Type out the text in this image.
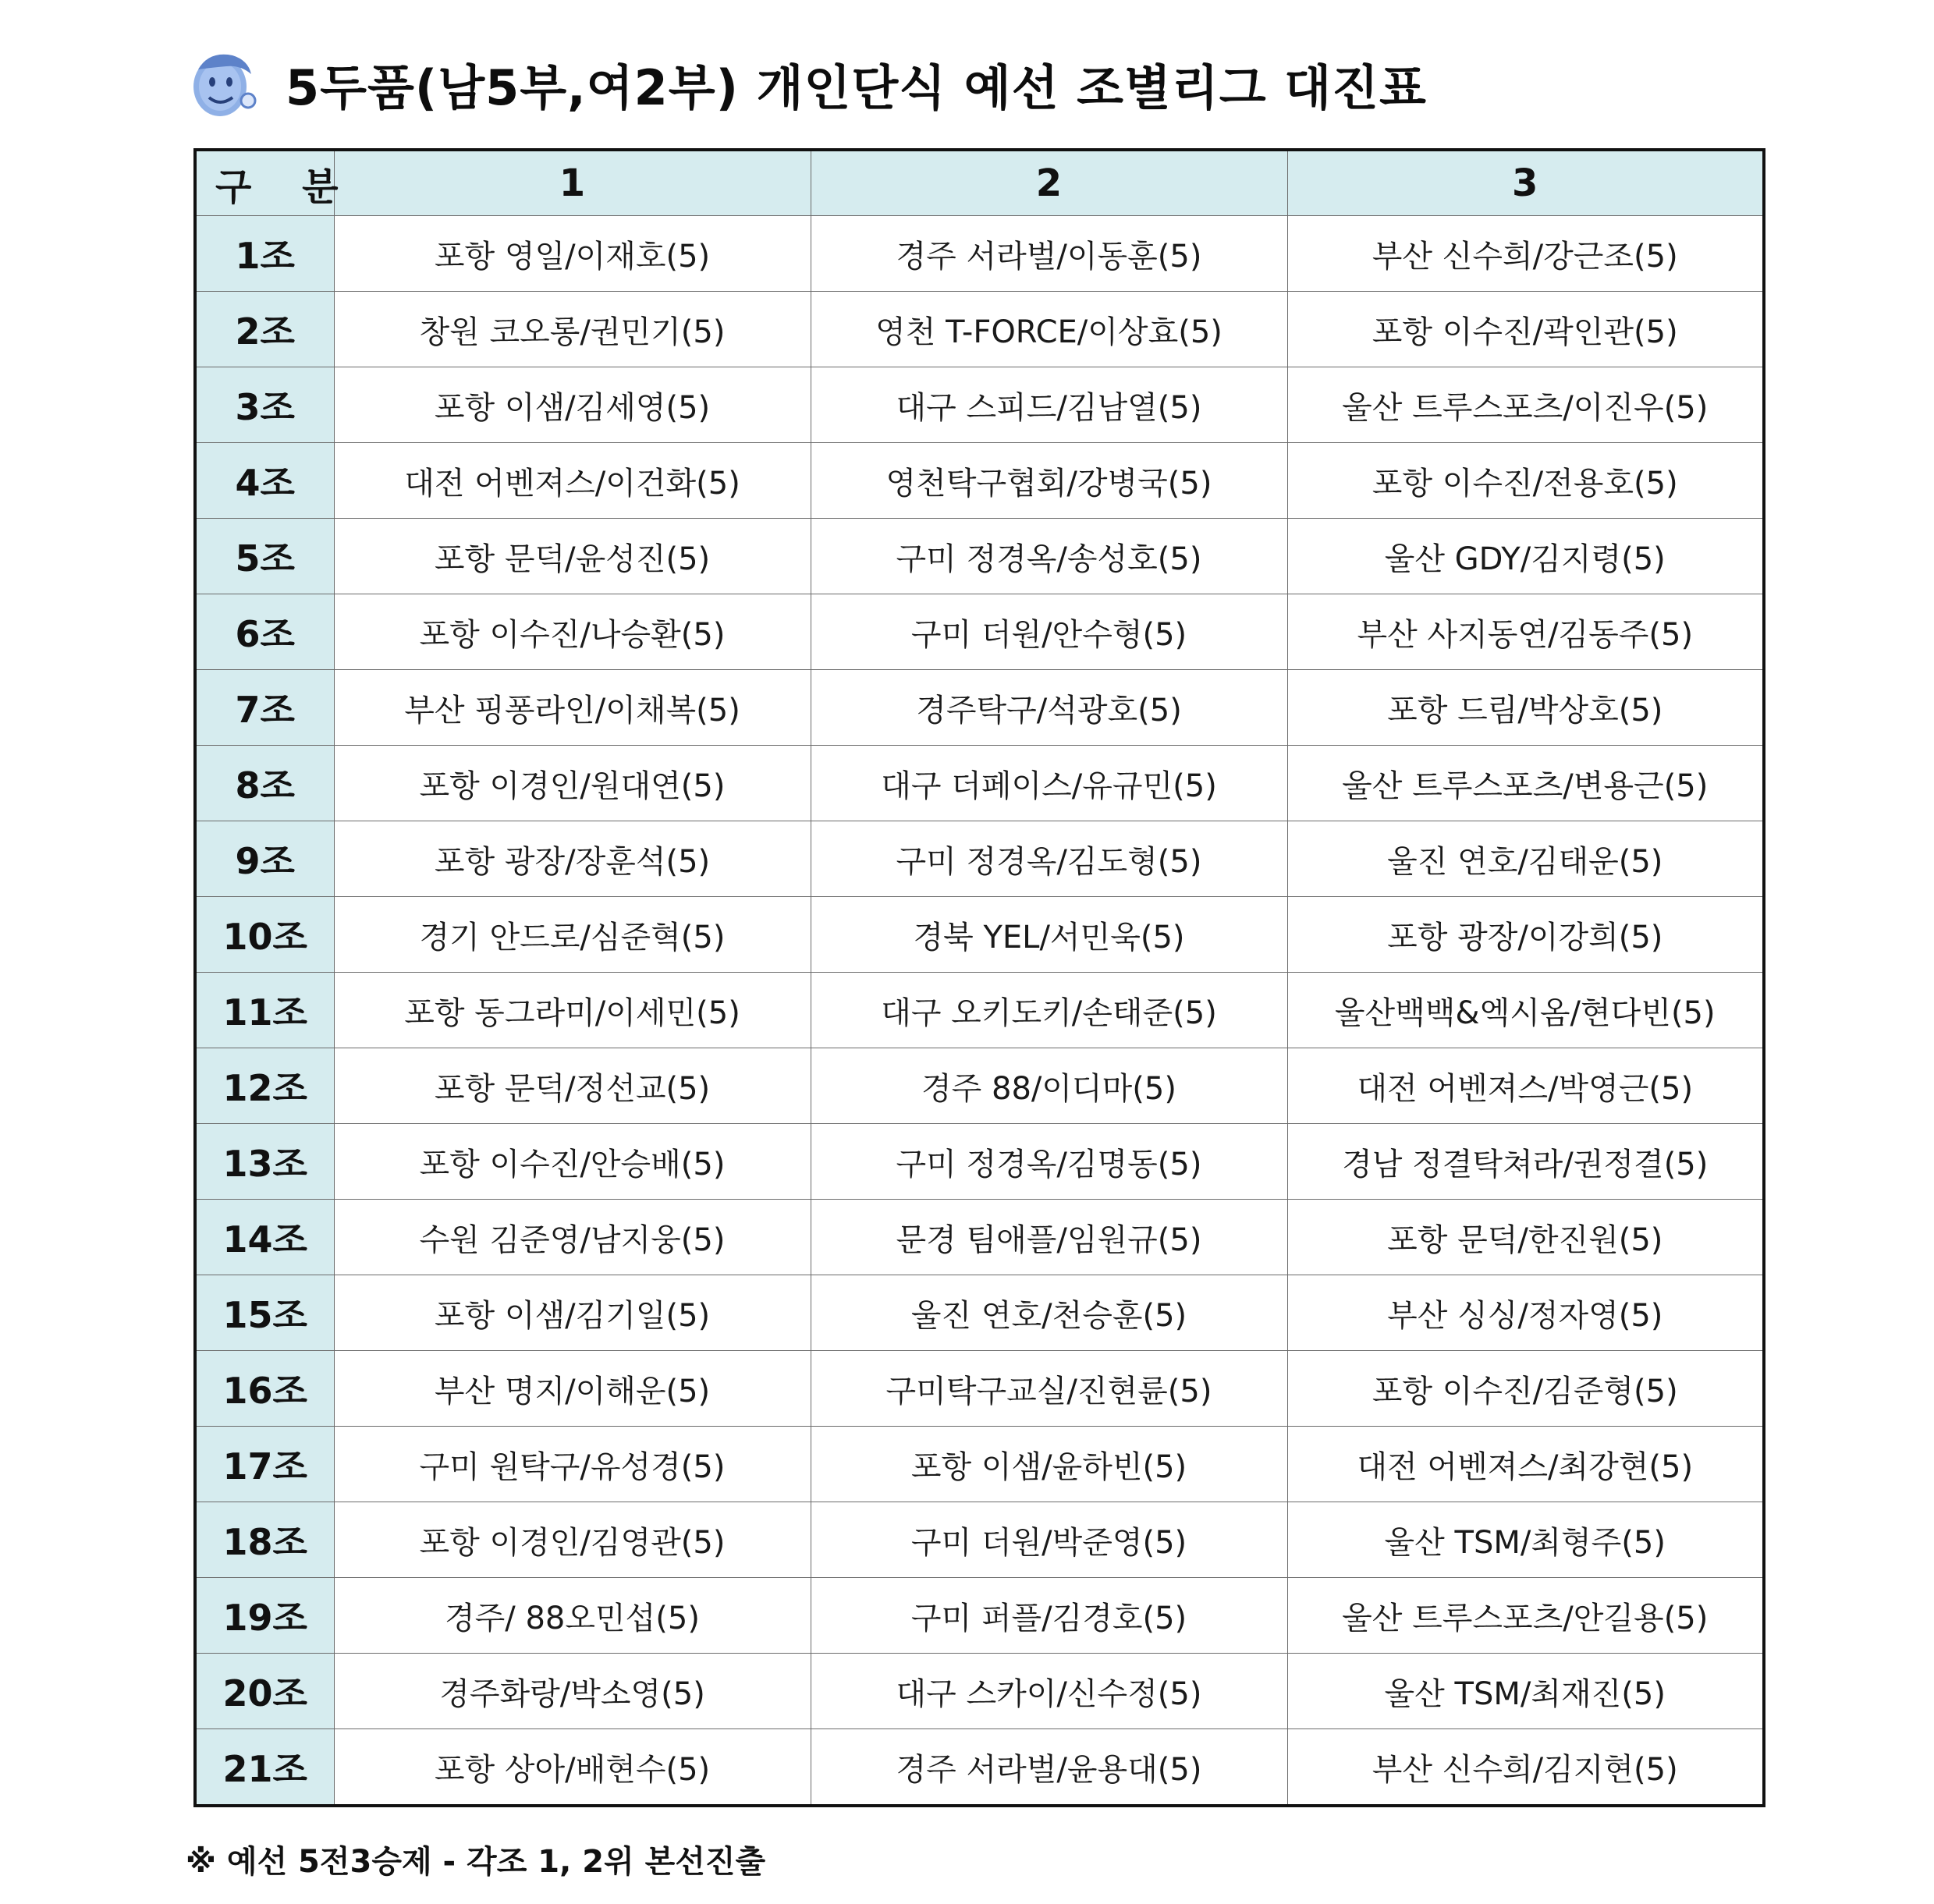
5두품(남5부,여2부) 개인단식 예선 조별리그 대진표
구 분	1	2	3
1조	포항 영일/이재호(5)	경주 서라벌/이동훈(5)	부산 신수희/강근조(5)
2조	창원 코오롱/권민기(5)	영천 T-FORCE/이상효(5)	포항 이수진/곽인관(5)
3조	포항 이샘/김세영(5)	대구 스피드/김남열(5)	울산 트루스포츠/이진우(5)
4조	대전 어벤져스/이건화(5)	영천탁구협회/강병국(5)	포항 이수진/전용호(5)
5조	포항 문덕/윤성진(5)	구미 정경옥/송성호(5)	울산 GDY/김지령(5)
6조	포항 이수진/나승환(5)	구미 더원/안수형(5)	부산 사지동연/김동주(5)
7조	부산 핑퐁라인/이채복(5)	경주탁구/석광호(5)	포항 드림/박상호(5)
8조	포항 이경인/원대연(5)	대구 더페이스/유규민(5)	울산 트루스포츠/변용근(5)
9조	포항 광장/장훈석(5)	구미 정경옥/김도형(5)	울진 연호/김태운(5)
10조	경기 안드로/심준혁(5)	경북 YEL/서민욱(5)	포항 광장/이강희(5)
11조	포항 동그라미/이세민(5)	대구 오키도키/손태준(5)	울산백백&엑시옴/현다빈(5)
12조	포항 문덕/정선교(5)	경주 88/이디마(5)	대전 어벤져스/박영근(5)
13조	포항 이수진/안승배(5)	구미 정경옥/김명동(5)	경남 정결탁쳐라/권정결(5)
14조	수원 김준영/남지웅(5)	문경 팀애플/임원규(5)	포항 문덕/한진원(5)
15조	포항 이샘/김기일(5)	울진 연호/천승훈(5)	부산 싱싱/정자영(5)
16조	부산 명지/이해운(5)	구미탁구교실/진현륜(5)	포항 이수진/김준형(5)
17조	구미 원탁구/유성경(5)	포항 이샘/윤하빈(5)	대전 어벤져스/최강현(5)
18조	포항 이경인/김영관(5)	구미 더원/박준영(5)	울산 TSM/최형주(5)
19조	경주/ 88오민섭(5)	구미 퍼플/김경호(5)	울산 트루스포츠/안길용(5)
20조	경주화랑/박소영(5)	대구 스카이/신수정(5)	울산 TSM/최재진(5)
21조	포항 상아/배현수(5)	경주 서라벌/윤용대(5)	부산 신수희/김지현(5)
※ 예선 5전3승제 - 각조 1, 2위 본선진출
